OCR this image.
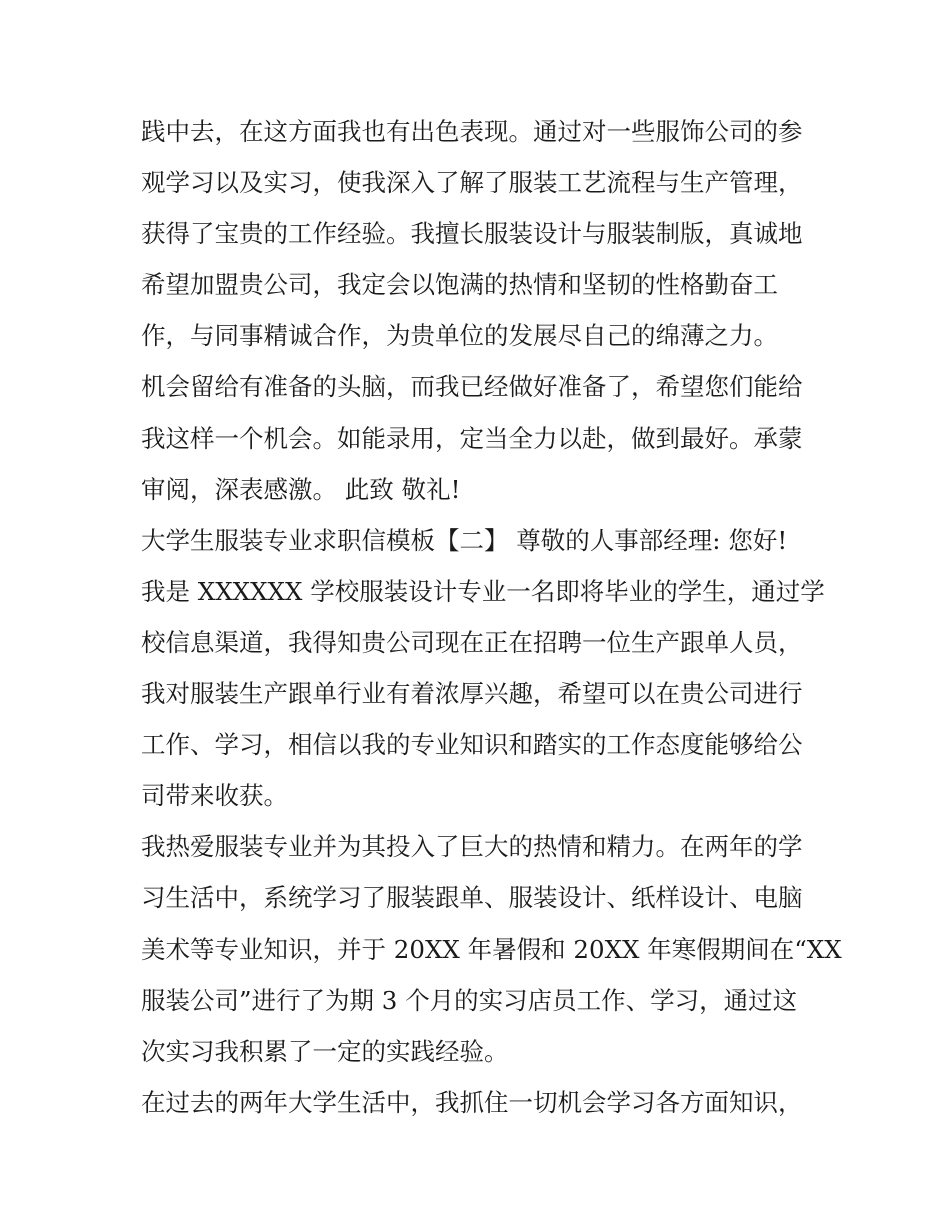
践中去，在这方面我也有出色表现。通过对一些服饰公司的参
观学习以及实习，使我深入了解了服装工艺流程与生产管理，
获得了宝贵的工作经验。我擅长服装设计与服装制版，真诚地
希望加盟贵公司，我定会以饱满的热情和坚韧的性格勤奋工
作，与同事精诚合作，为贵单位的发展尽自己的绵薄之力。
机会留给有准备的头脑，而我已经做好准备了，希望您们能给
我这样一个机会。如能录用，定当全力以赴，做到最好。承蒙
审阅，深表感激。 此致 敬礼!
大学生服装专业求职信模板【二】 尊敬的人事部经理: 您好!
我是 XXXXXX 学校服装设计专业一名即将毕业的学生，通过学
校信息渠道，我得知贵公司现在正在招聘一位生产跟单人员，
我对服装生产跟单行业有着浓厚兴趣，希望可以在贵公司进行
工作、学习，相信以我的专业知识和踏实的工作态度能够给公
司带来收获。
我热爱服装专业并为其投入了巨大的热情和精力。在两年的学
习生活中，系统学习了服装跟单、服装设计、纸样设计、电脑
美术等专业知识，并于 20XX 年暑假和 20XX 年寒假期间在“XX
服装公司”进行了为期 3 个月的实习店员工作、学习，通过这
次实习我积累了一定的实践经验。
在过去的两年大学生活中，我抓住一切机会学习各方面知识，
